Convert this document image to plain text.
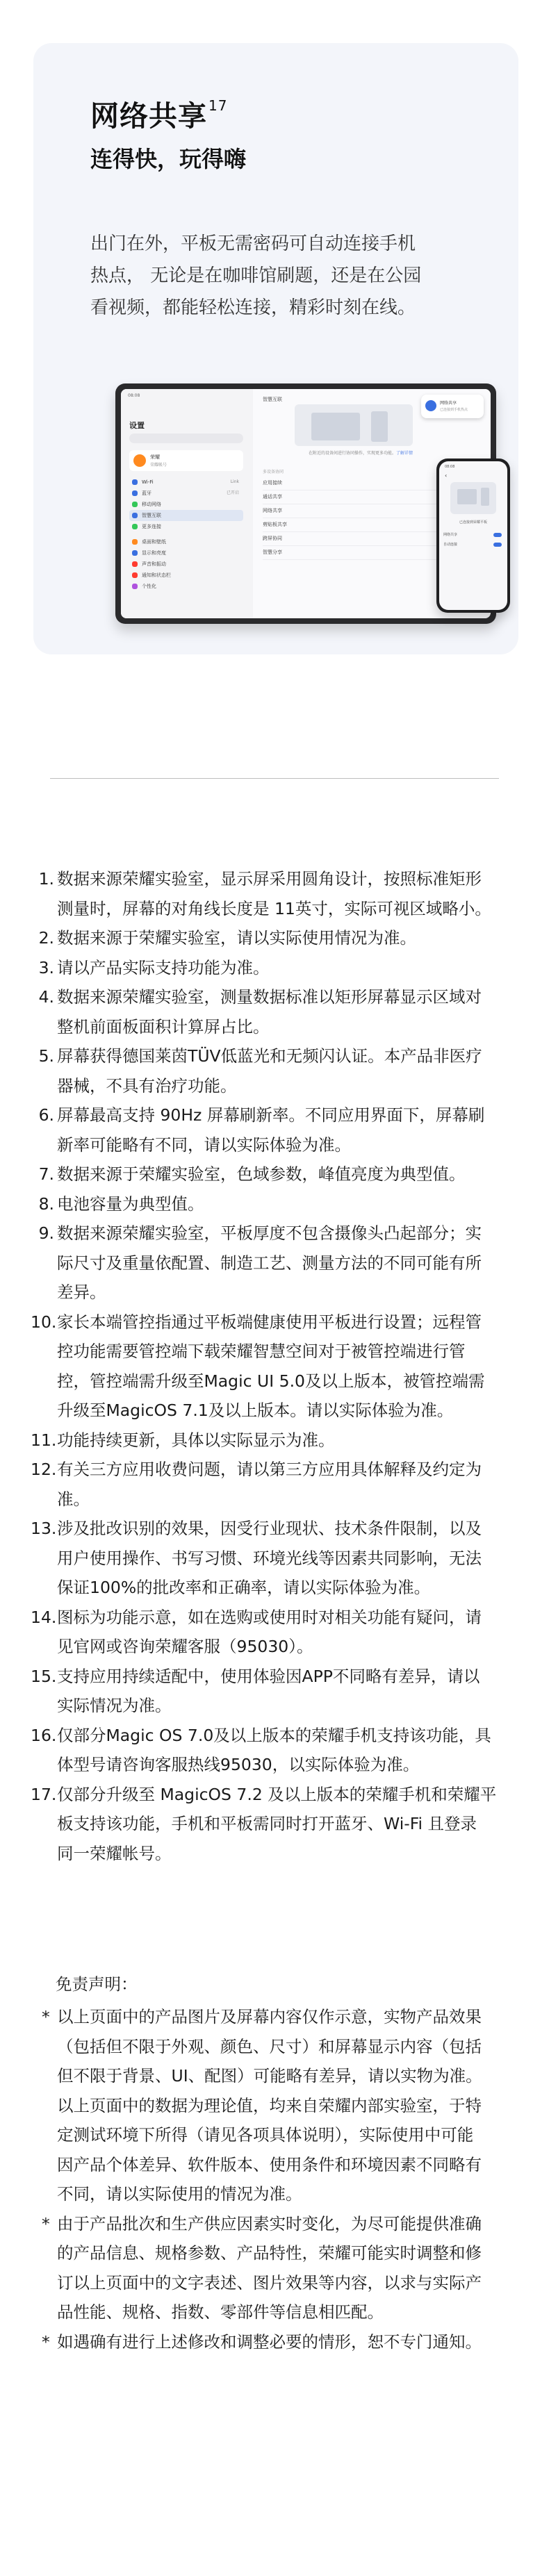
网络共享 $^{17}$
连得快，玩得嗨
出门在外，平板无需密码可自动连接手机
热点， 无论是在咖啡馆刷题，还是在公园
看视频，都能轻松连接，精彩时刻在线。
08:08
设置
荣耀
荣耀帐号
Wi-Fi	Link
蓝牙	已开启
移动网络
智慧互联
更多连接
桌面和壁纸
显示和亮度
声音和振动
通知和状态栏
个性化
智慧互联
在附近的设备间进行协同操作，实现更多功能。了解详情
多设备协同
应用接续
通话共享
网络共享
剪贴板共享
跨屏协同
智慧分享
网络共享
已连接到手机热点
08:08
‹
已连接到荣耀平板
网络共享
自动连接
1. 数据来源荣耀实验室，显示屏采用圆角设计，按照标准矩形
测量时，屏幕的对角线长度是 11英寸，实际可视区域略小。
2. 数据来源于荣耀实验室，请以实际使用情况为准。
3. 请以产品实际支持功能为准。
4. 数据来源荣耀实验室，测量数据标准以矩形屏幕显示区域对
整机前面板面积计算屏占比。
5. 屏幕获得德国莱茵TÜV低蓝光和无频闪认证。本产品非医疗
器械，不具有治疗功能。
6. 屏幕最高支持 90Hz 屏幕刷新率。不同应用界面下，屏幕刷
新率可能略有不同，请以实际体验为准。
7. 数据来源于荣耀实验室，色域参数，峰值亮度为典型值。
8. 电池容量为典型值。
9. 数据来源荣耀实验室，平板厚度不包含摄像头凸起部分；实
际尺寸及重量依配置、制造工艺、测量方法的不同可能有所
差异。
10. 家长本端管控指通过平板端健康使用平板进行设置；远程管
控功能需要管控端下载荣耀智慧空间对于被管控端进行管
控，管控端需升级至Magic UI 5.0及以上版本，被管控端需
升级至MagicOS 7.1及以上版本。请以实际体验为准。
11. 功能持续更新，具体以实际显示为准。
12. 有关三方应用收费问题，请以第三方应用具体解释及约定为
准。
13. 涉及批改识别的效果，因受行业现状、技术条件限制，以及
用户使用操作、书写习惯、环境光线等因素共同影响，无法
保证100%的批改率和正确率，请以实际体验为准。
14. 图标为功能示意，如在选购或使用时对相关功能有疑问，请
见官网或咨询荣耀客服（95030）。
15. 支持应用持续适配中，使用体验因APP不同略有差异，请以
实际情况为准。
16. 仅部分Magic OS 7.0及以上版本的荣耀手机支持该功能，具
体型号请咨询客服热线95030，以实际体验为准。
17. 仅部分升级至 MagicOS 7.2 及以上版本的荣耀手机和荣耀平
板支持该功能，手机和平板需同时打开蓝牙、Wi-Fi 且登录
同一荣耀帐号。
免责声明：
* 以上页面中的产品图片及屏幕内容仅作示意，实物产品效果
（包括但不限于外观、颜色、尺寸）和屏幕显示内容（包括
但不限于背景、UI、配图）可能略有差异，请以实物为准。
以上页面中的数据为理论值，均来自荣耀内部实验室，于特
定测试环境下所得（请见各项具体说明），实际使用中可能
因产品个体差异、软件版本、使用条件和环境因素不同略有
不同，请以实际使用的情况为准。
* 由于产品批次和生产供应因素实时变化，为尽可能提供准确
的产品信息、规格参数、产品特性，荣耀可能实时调整和修
订以上页面中的文字表述、图片效果等内容，以求与实际产
品性能、规格、指数、零部件等信息相匹配。
* 如遇确有进行上述修改和调整必要的情形，恕不专门通知。
